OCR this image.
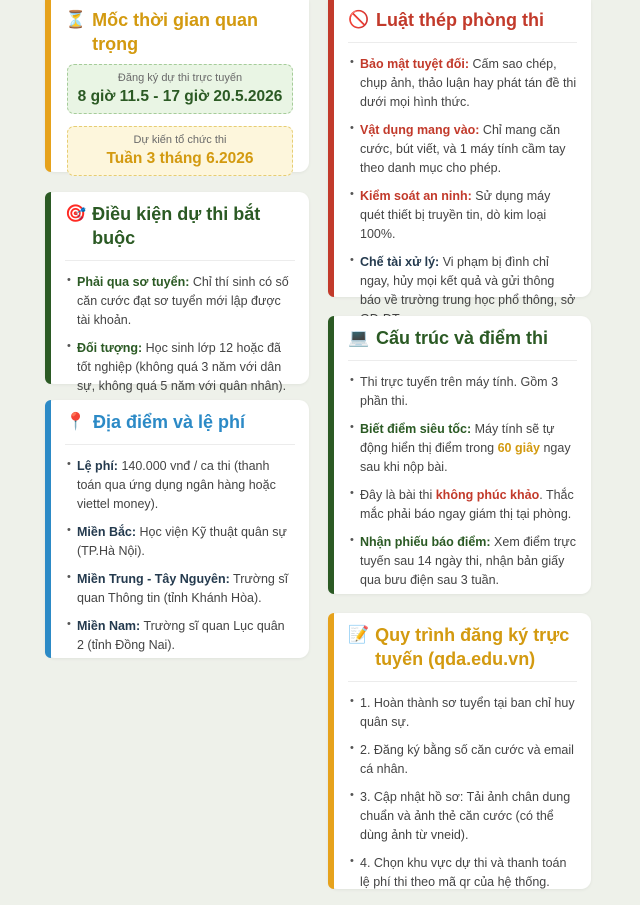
⏳ Mốc thời gian quan trọng
Đăng ký dự thi trực tuyến
8 giờ 11.5 - 17 giờ 20.5.2026
Dự kiến tổ chức thi
Tuần 3 tháng 6.2026
🎯 Điều kiện dự thi bắt buộc
• Phải qua sơ tuyển: Chỉ thí sinh có số căn cước đạt sơ tuyển mới lập được tài khoản.
• Đối tượng: Học sinh lớp 12 hoặc đã tốt nghiệp (không quá 3 năm với dân sự, không quá 5 năm với quân nhân).
📍 Địa điểm và lệ phí
• Lệ phí: 140.000 vnđ / ca thi (thanh toán qua ứng dụng ngân hàng hoặc viettel money).
• Miền Bắc: Học viện Kỹ thuật quân sự (TP.Hà Nội).
• Miền Trung - Tây Nguyên: Trường sĩ quan Thông tin (tỉnh Khánh Hòa).
• Miền Nam: Trường sĩ quan Lục quân 2 (tỉnh Đồng Nai).
🚫 Luật thép phòng thi
• Bảo mật tuyệt đối: Cấm sao chép, chụp ảnh, thảo luận hay phát tán đề thi dưới mọi hình thức.
• Vật dụng mang vào: Chỉ mang căn cước, bút viết, và 1 máy tính cầm tay theo danh mục cho phép.
• Kiểm soát an ninh: Sử dụng máy quét thiết bị truyền tin, dò kim loại 100%.
• Chế tài xử lý: Vi phạm bị đình chỉ ngay, hủy mọi kết quả và gửi thông báo về trường trung học phổ thông, sở
💻 Cấu trúc và điểm thi
• Thi trực tuyến trên máy tính. Gồm 3 phần thi.
• Biết điểm siêu tốc: Máy tính sẽ tự động hiển thị điểm trong 60 giây ngay sau khi nộp bài.
• Đây là bài thi không phúc khảo. Thắc mắc phải báo ngay giám thị tại phòng.
• Nhận phiếu báo điểm: Xem điểm trực tuyến sau 14 ngày thi, nhận bản giấy qua bưu điện sau 3 tuần.
📝 Quy trình đăng ký trực tuyến (qda.edu.vn)
• 1. Hoàn thành sơ tuyển tại ban chỉ huy quân sự.
• 2. Đăng ký bằng số căn cước và email cá nhân.
• 3. Cập nhật hồ sơ: Tải ảnh chân dung chuẩn và ảnh thẻ căn cước (có thể dùng ảnh từ vneid).
• 4. Chọn khu vực dự thi và thanh toán lệ phí thi theo mã qr của hệ thống.
